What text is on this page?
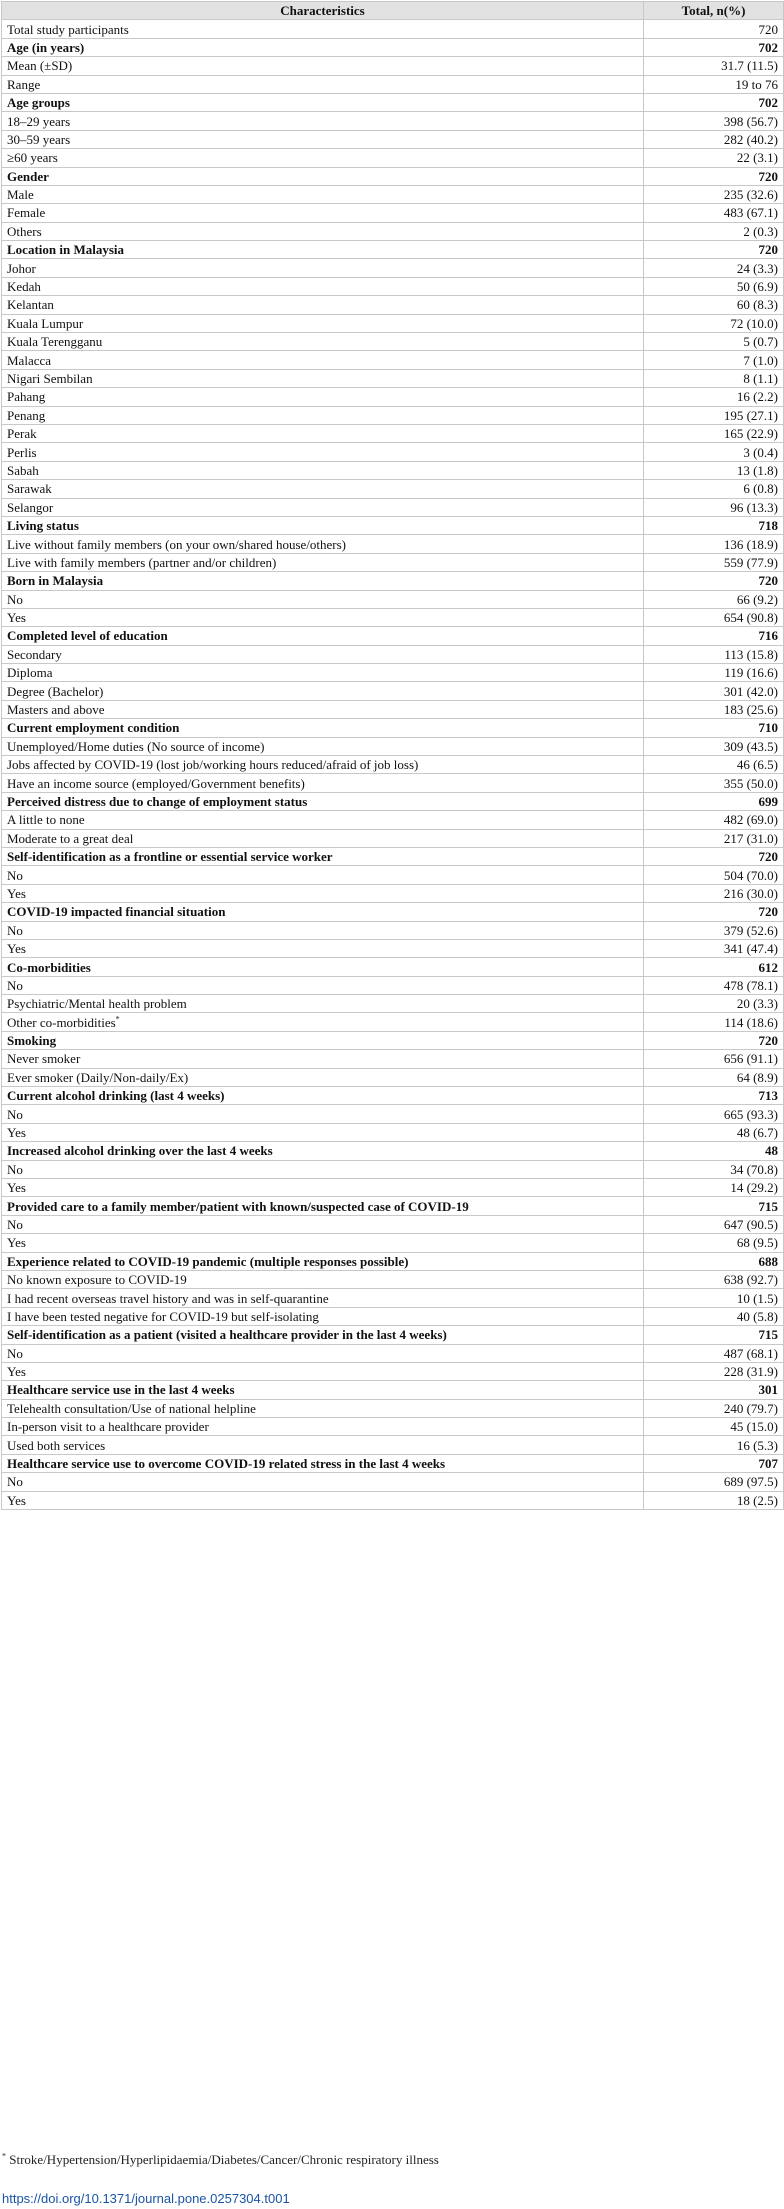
Characteristics	Total, n(%)
Total study participants	720
Age (in years)	702
Mean (±SD)	31.7 (11.5)
Range	19 to 76
Age groups	702
18–29 years	398 (56.7)
30–59 years	282 (40.2)
≥60 years	22 (3.1)
Gender	720
Male	235 (32.6)
Female	483 (67.1)
Others	2 (0.3)
Location in Malaysia	720
Johor	24 (3.3)
Kedah	50 (6.9)
Kelantan	60 (8.3)
Kuala Lumpur	72 (10.0)
Kuala Terengganu	5 (0.7)
Malacca	7 (1.0)
Nigari Sembilan	8 (1.1)
Pahang	16 (2.2)
Penang	195 (27.1)
Perak	165 (22.9)
Perlis	3 (0.4)
Sabah	13 (1.8)
Sarawak	6 (0.8)
Selangor	96 (13.3)
Living status	718
Live without family members (on your own/shared house/others)	136 (18.9)
Live with family members (partner and/or children)	559 (77.9)
Born in Malaysia	720
No	66 (9.2)
Yes	654 (90.8)
Completed level of education	716
Secondary	113 (15.8)
Diploma	119 (16.6)
Degree (Bachelor)	301 (42.0)
Masters and above	183 (25.6)
Current employment condition	710
Unemployed/Home duties (No source of income)	309 (43.5)
Jobs affected by COVID-19 (lost job/working hours reduced/afraid of job loss)	46 (6.5)
Have an income source (employed/Government benefits)	355 (50.0)
Perceived distress due to change of employment status	699
A little to none	482 (69.0)
Moderate to a great deal	217 (31.0)
Self-identification as a frontline or essential service worker	720
No	504 (70.0)
Yes	216 (30.0)
COVID-19 impacted financial situation	720
No	379 (52.6)
Yes	341 (47.4)
Co-morbidities	612
No	478 (78.1)
Psychiatric/Mental health problem	20 (3.3)
Other co-morbidities*	114 (18.6)
Smoking	720
Never smoker	656 (91.1)
Ever smoker (Daily/Non-daily/Ex)	64 (8.9)
Current alcohol drinking (last 4 weeks)	713
No	665 (93.3)
Yes	48 (6.7)
Increased alcohol drinking over the last 4 weeks	48
No	34 (70.8)
Yes	14 (29.2)
Provided care to a family member/patient with known/suspected case of COVID-19	715
No	647 (90.5)
Yes	68 (9.5)
Experience related to COVID-19 pandemic (multiple responses possible)	688
No known exposure to COVID-19	638 (92.7)
I had recent overseas travel history and was in self-quarantine	10 (1.5)
I have been tested negative for COVID-19 but self-isolating	40 (5.8)
Self-identification as a patient (visited a healthcare provider in the last 4 weeks)	715
No	487 (68.1)
Yes	228 (31.9)
Healthcare service use in the last 4 weeks	301
Telehealth consultation/Use of national helpline	240 (79.7)
In-person visit to a healthcare provider	45 (15.0)
Used both services	16 (5.3)
Healthcare service use to overcome COVID-19 related stress in the last 4 weeks	707
No	689 (97.5)
Yes	18 (2.5)
* Stroke/Hypertension/Hyperlipidaemia/Diabetes/Cancer/Chronic respiratory illness
https://doi.org/10.1371/journal.pone.0257304.t001
